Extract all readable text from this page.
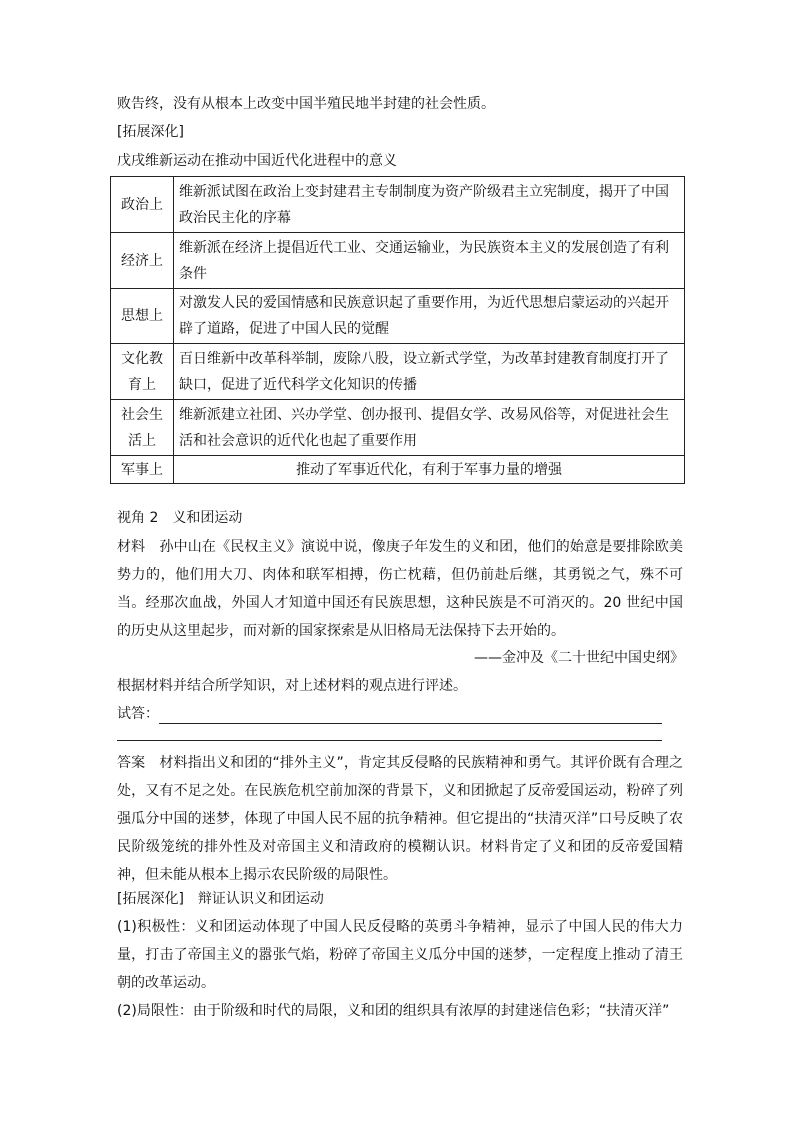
败告终，没有从根本上改变中国半殖民地半封建的社会性质。
[拓展深化]
戊戌维新运动在推动中国近代化进程中的意义
政治上	维新派试图在政治上变封建君主专制制度为资产阶级君主立宪制度，揭开了中国政治民主化的序幕
经济上	维新派在经济上提倡近代工业、交通运输业，为民族资本主义的发展创造了有利条件
思想上	对激发人民的爱国情感和民族意识起了重要作用，为近代思想启蒙运动的兴起开辟了道路，促进了中国人民的觉醒
文化教育上	百日维新中改革科举制，废除八股，设立新式学堂，为改革封建教育制度打开了缺口，促进了近代科学文化知识的传播
社会生活上	维新派建立社团、兴办学堂、创办报刊、提倡女学、改易风俗等，对促进社会生活和社会意识的近代化也起了重要作用
军事上	推动了军事近代化，有利于军事力量的增强
视角 2　义和团运动
材料 孙中山在《民权主义》演说中说，像庚子年发生的义和团，他们的始意是要排除欧美势力的，他们用大刀、肉体和联军相搏，伤亡枕藉，但仍前赴后继，其勇锐之气，殊不可当。经那次血战，外国人才知道中国还有民族思想，这种民族是不可消灭的。20 世纪中国的历史从这里起步，而对新的国家探索是从旧格局无法保持下去开始的。
——金冲及《二十世纪中国史纲》
根据材料并结合所学知识，对上述材料的观点进行评述。
试答：
答案 材料指出义和团的“排外主义”，肯定其反侵略的民族精神和勇气。其评价既有合理之处，又有不足之处。在民族危机空前加深的背景下，义和团掀起了反帝爱国运动，粉碎了列强瓜分中国的迷梦，体现了中国人民不屈的抗争精神。但它提出的“扶清灭洋”口号反映了农民阶级笼统的排外性及对帝国主义和清政府的模糊认识。材料肯定了义和团的反帝爱国精神，但未能从根本上揭示农民阶级的局限性。
[拓展深化]　辩证认识义和团运动
(1)积极性：义和团运动体现了中国人民反侵略的英勇斗争精神，显示了中国人民的伟大力量，打击了帝国主义的嚣张气焰，粉碎了帝国主义瓜分中国的迷梦，一定程度上推动了清王朝的改革运动。
(2)局限性：由于阶级和时代的局限，义和团的组织具有浓厚的封建迷信色彩；“扶清灭洋”
